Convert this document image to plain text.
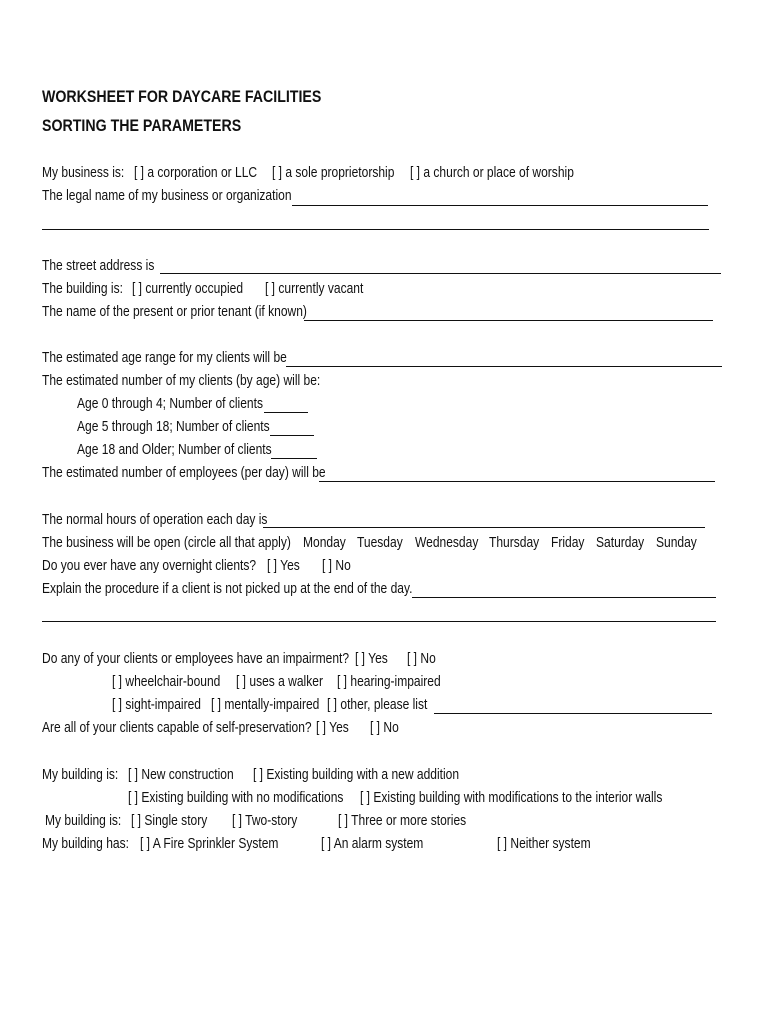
WORKSHEET FOR DAYCARE FACILITIES
SORTING THE PARAMETERS
My business is: [ ] a corporation or LLC [ ] a sole proprietorship [ ] a church or place of worship
The legal name of my business or organization
The street address is
The building is: [ ] currently occupied [ ] currently vacant
The name of the present or prior tenant (if known)
The estimated age range for my clients will be
The estimated number of my clients (by age) will be:
Age 0 through 4; Number of clients
Age 5 through 18; Number of clients
Age 18 and Older; Number of clients
The estimated number of employees (per day) will be
The normal hours of operation each day is
The business will be open (circle all that apply) Monday Tuesday Wednesday Thursday Friday Saturday Sunday
Do you ever have any overnight clients? [ ] Yes [ ] No
Explain the procedure if a client is not picked up at the end of the day.
Do any of your clients or employees have an impairment? [ ] Yes [ ] No
[ ] wheelchair-bound [ ] uses a walker [ ] hearing-impaired
[ ] sight-impaired [ ] mentally-impaired [ ] other, please list
Are all of your clients capable of self-preservation? [ ] Yes [ ] No
My building is: [ ] New construction [ ] Existing building with a new addition
[ ] Existing building with no modifications [ ] Existing building with modifications to the interior walls
My building is: [ ] Single story [ ] Two-story	[ ] Three or more stories
My building has: [ ] A Fire Sprinkler System	[ ] An alarm system	[ ] Neither system
